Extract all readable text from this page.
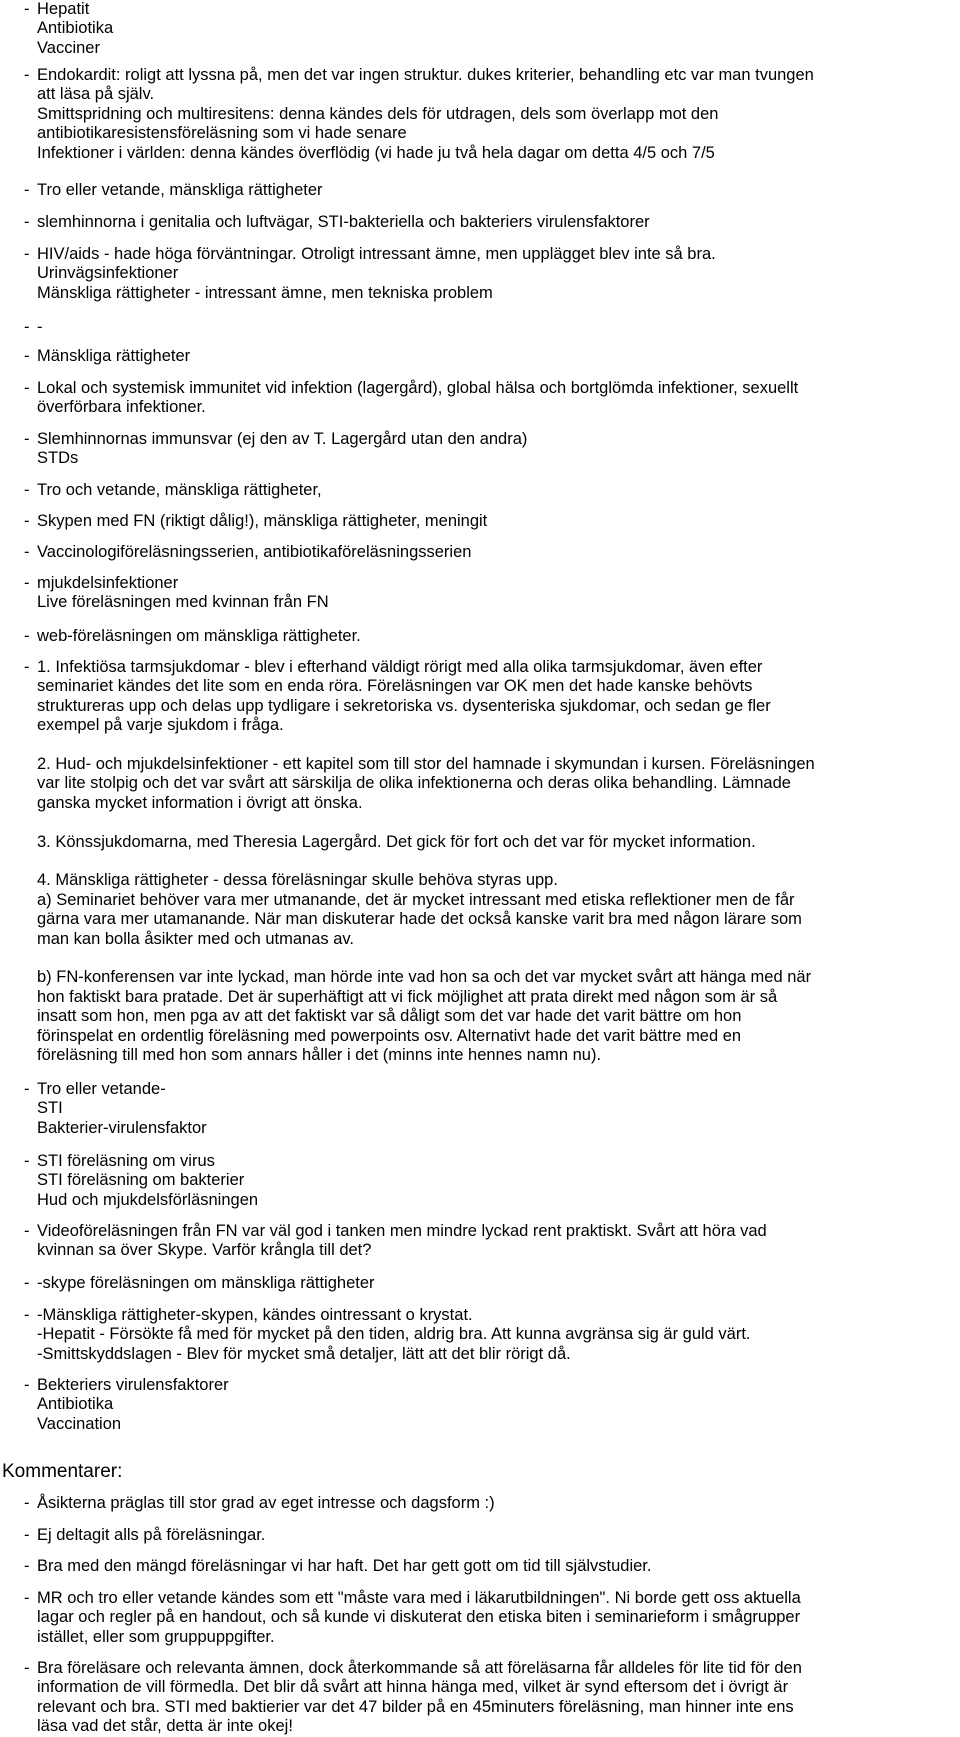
- Hepatit
Antibiotika
Vacciner
- Endokardit: roligt att lyssna på, men det var ingen struktur. dukes kriterier, behandling etc var man tvungen
att läsa på själv.
Smittspridning och multiresitens: denna kändes dels för utdragen, dels som överlapp mot den
antibiotikaresistensföreläsning som vi hade senare
Infektioner i världen: denna kändes överflödig (vi hade ju två hela dagar om detta 4/5 och 7/5
- Tro eller vetande, mänskliga rättigheter
- slemhinnorna i genitalia och luftvägar, STI-bakteriella och bakteriers virulensfaktorer
- HIV/aids - hade höga förväntningar. Otroligt intressant ämne, men upplägget blev inte så bra.
Urinvägsinfektioner
Mänskliga rättigheter - intressant ämne, men tekniska problem
- -
- Mänskliga rättigheter
- Lokal och systemisk immunitet vid infektion (lagergård), global hälsa och bortglömda infektioner, sexuellt
överförbara infektioner.
- Slemhinnornas immunsvar (ej den av T. Lagergård utan den andra)
STDs
- Tro och vetande, mänskliga rättigheter,
- Skypen med FN (riktigt dålig!), mänskliga rättigheter, meningit
- Vaccinologiföreläsningsserien, antibiotikaföreläsningsserien
- mjukdelsinfektioner
Live föreläsningen med kvinnan från FN
- web-föreläsningen om mänskliga rättigheter.
- 1. Infektiösa tarmsjukdomar - blev i efterhand väldigt rörigt med alla olika tarmsjukdomar, även efter
seminariet kändes det lite som en enda röra. Föreläsningen var OK men det hade kanske behövts
struktureras upp och delas upp tydligare i sekretoriska vs. dysenteriska sjukdomar, och sedan ge fler
exempel på varje sjukdom i fråga.
2. Hud- och mjukdelsinfektioner - ett kapitel som till stor del hamnade i skymundan i kursen. Föreläsningen
var lite stolpig och det var svårt att särskilja de olika infektionerna och deras olika behandling. Lämnade
ganska mycket information i övrigt att önska.
3. Könssjukdomarna, med Theresia Lagergård. Det gick för fort och det var för mycket information.
4. Mänskliga rättigheter - dessa föreläsningar skulle behöva styras upp.
a) Seminariet behöver vara mer utmanande, det är mycket intressant med etiska reflektioner men de får
gärna vara mer utamanande. När man diskuterar hade det också kanske varit bra med någon lärare som
man kan bolla åsikter med och utmanas av.
b) FN-konferensen var inte lyckad, man hörde inte vad hon sa och det var mycket svårt att hänga med när
hon faktiskt bara pratade. Det är superhäftigt att vi fick möjlighet att prata direkt med någon som är så
insatt som hon, men pga av att det faktiskt var så dåligt som det var hade det varit bättre om hon
förinspelat en ordentlig föreläsning med powerpoints osv. Alternativt hade det varit bättre med en
föreläsning till med hon som annars håller i det (minns inte hennes namn nu).
- Tro eller vetande-
STI
Bakterier-virulensfaktor
- STI föreläsning om virus
STI föreläsning om bakterier
Hud och mjukdelsförläsningen
- Videoföreläsningen från FN var väl god i tanken men mindre lyckad rent praktiskt. Svårt att höra vad
kvinnan sa över Skype. Varför krångla till det?
- -skype föreläsningen om mänskliga rättigheter
- -Mänskliga rättigheter-skypen, kändes ointressant o krystat.
-Hepatit - Försökte få med för mycket på den tiden, aldrig bra. Att kunna avgränsa sig är guld värt.
-Smittskyddslagen - Blev för mycket små detaljer, lätt att det blir rörigt då.
- Bekteriers virulensfaktorer
Antibiotika
Vaccination
Kommentarer:
- Åsikterna präglas till stor grad av eget intresse och dagsform :)
- Ej deltagit alls på föreläsningar.
- Bra med den mängd föreläsningar vi har haft. Det har gett gott om tid till självstudier.
- MR och tro eller vetande kändes som ett "måste vara med i läkarutbildningen". Ni borde gett oss aktuella
lagar och regler på en handout, och så kunde vi diskuterat den etiska biten i seminarieform i smågrupper
istället, eller som gruppuppgifter.
- Bra föreläsare och relevanta ämnen, dock återkommande så att föreläsarna får alldeles för lite tid för den
information de vill förmedla. Det blir då svårt att hinna hänga med, vilket är synd eftersom det i övrigt är
relevant och bra. STI med baktierier var det 47 bilder på en 45minuters föreläsning, man hinner inte ens
läsa vad det står, detta är inte okej!
